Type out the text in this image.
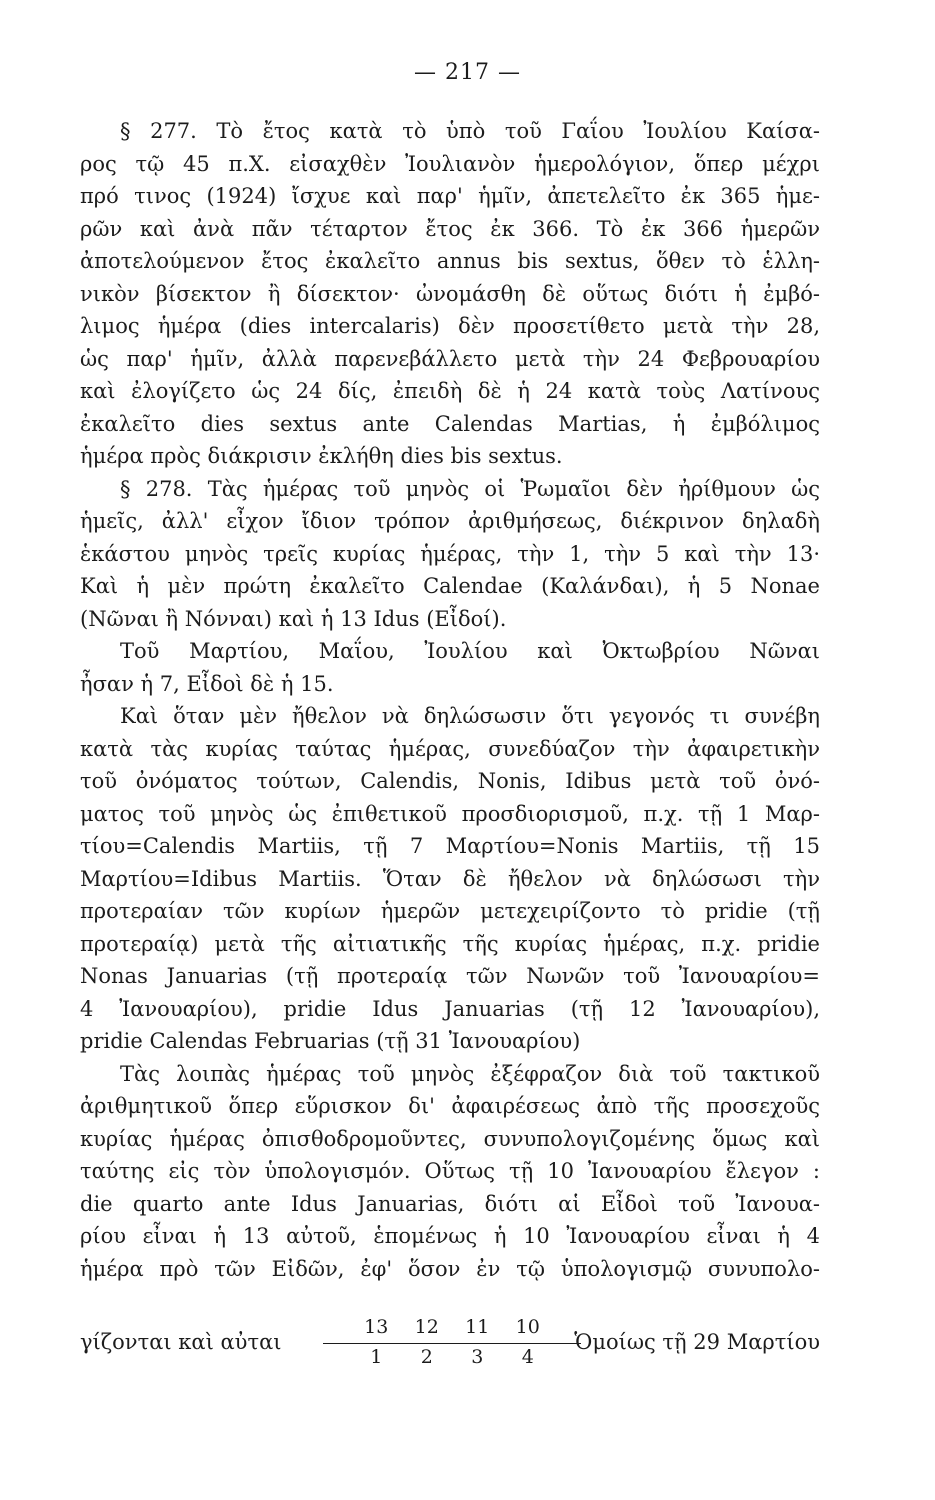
— 217 —
§ 277. Τὸ ἔτος κατὰ τὸ ὑπὸ τοῦ Γαΐου Ἰουλίου Καίσα-
ρος τῷ 45 π.Χ. εἰσαχθὲν Ἰουλιανὸν ἡμερολόγιον, ὅπερ μέχρι
πρό τινος (1924) ἴσχυε καὶ παρ' ἡμῖν, ἀπετελεῖτο ἐκ 365 ἡμε-
ρῶν καὶ ἀνὰ πᾶν τέταρτον ἔτος ἐκ 366. Τὸ ἐκ 366 ἡμερῶν
ἀποτελούμενον ἔτος ἐκαλεῖτο annus bis sextus, ὅθεν τὸ ἑλλη-
νικὸν βίσεκτον ἢ δίσεκτον· ὠνομάσθη δὲ οὕτως διότι ἡ ἐμβό-
λιμος ἡμέρα (dies intercalaris) δὲν προσετίθετο μετὰ τὴν 28,
ὡς παρ' ἡμῖν, ἀλλὰ παρενεβάλλετο μετὰ τὴν 24 Φεβρουαρίου
καὶ ἐλογίζετο ὡς 24 δίς, ἐπειδὴ δὲ ἡ 24 κατὰ τοὺς Λατίνους
ἐκαλεῖτο dies sextus ante Calendas Martias, ἡ ἐμβόλιμος
ἡμέρα πρὸς διάκρισιν ἐκλήθη dies bis sextus.
§ 278. Τὰς ἡμέρας τοῦ μηνὸς οἱ Ῥωμαῖοι δὲν ἠρίθμουν ὡς
ἡμεῖς, ἀλλ' εἶχον ἴδιον τρόπον ἀριθμήσεως, διέκρινον δηλαδὴ
ἑκάστου μηνὸς τρεῖς κυρίας ἡμέρας, τὴν 1, τὴν 5 καὶ τὴν 13·
Καὶ ἡ μὲν πρώτη ἐκαλεῖτο Calendae (Καλάνδαι), ἡ 5 Nonae
(Νῶναι ἢ Νόνναι) καὶ ἡ 13 Idus (Εἶδοί).
Τοῦ Μαρτίου, Μαΐου, Ἰουλίου καὶ Ὀκτωβρίου Νῶναι
ἦσαν ἡ 7, Εἶδοὶ δὲ ἡ 15.
Καὶ ὅταν μὲν ἤθελον νὰ δηλώσωσιν ὅτι γεγονός τι συνέβη
κατὰ τὰς κυρίας ταύτας ἡμέρας, συνεδύαζον τὴν ἀφαιρετικὴν
τοῦ ὀνόματος τούτων, Calendis, Nonis, Idibus μετὰ τοῦ ὀνό-
ματος τοῦ μηνὸς ὡς ἐπιθετικοῦ προσδιορισμοῦ, π.χ. τῇ 1 Μαρ-
τίου=Calendis Martiis, τῇ 7 Μαρτίου=Nonis Martiis, τῇ 15
Μαρτίου=Idibus Martiis. Ὅταν δὲ ἤθελον νὰ δηλώσωσι τὴν
προτεραίαν τῶν κυρίων ἡμερῶν μετεχειρίζοντο τὸ pridie (τῇ
προτεραίᾳ) μετὰ τῆς αἰτιατικῆς τῆς κυρίας ἡμέρας, π.χ. pridie
Nonas Januarias (τῇ προτεραίᾳ τῶν Νωνῶν τοῦ Ἰανουαρίου=
4 Ἰανουαρίου), pridie Idus Januarias (τῇ 12 Ἰανουαρίου),
pridie Calendas Februarias (τῇ 31 Ἰανουαρίου)
Τὰς λοιπὰς ἡμέρας τοῦ μηνὸς ἐξέφραζον διὰ τοῦ τακτικοῦ
ἀριθμητικοῦ ὅπερ εὕρισκον δι' ἀφαιρέσεως ἀπὸ τῆς προσεχοῦς
κυρίας ἡμέρας ὀπισθοδρομοῦντες, συνυπολογιζομένης ὅμως καὶ
ταύτης εἰς τὸν ὑπολογισμόν. Οὕτως τῇ 10 Ἰανουαρίου ἔλεγον :
die quarto ante Idus Januarias, διότι αἱ Εἶδοὶ τοῦ Ἰανουα-
ρίου εἶναι ἡ 13 αὐτοῦ, ἑπομένως ἡ 10 Ἰανουαρίου εἶναι ἡ 4
ἡμέρα πρὸ τῶν Εἰδῶν, ἐφ' ὅσον ἐν τῷ ὑπολογισμῷ συνυπολο-
γίζονται καὶ αὐται
13 12 11 10
1 2 3 4
Ὁμοίως τῇ 29 Μαρτίου
